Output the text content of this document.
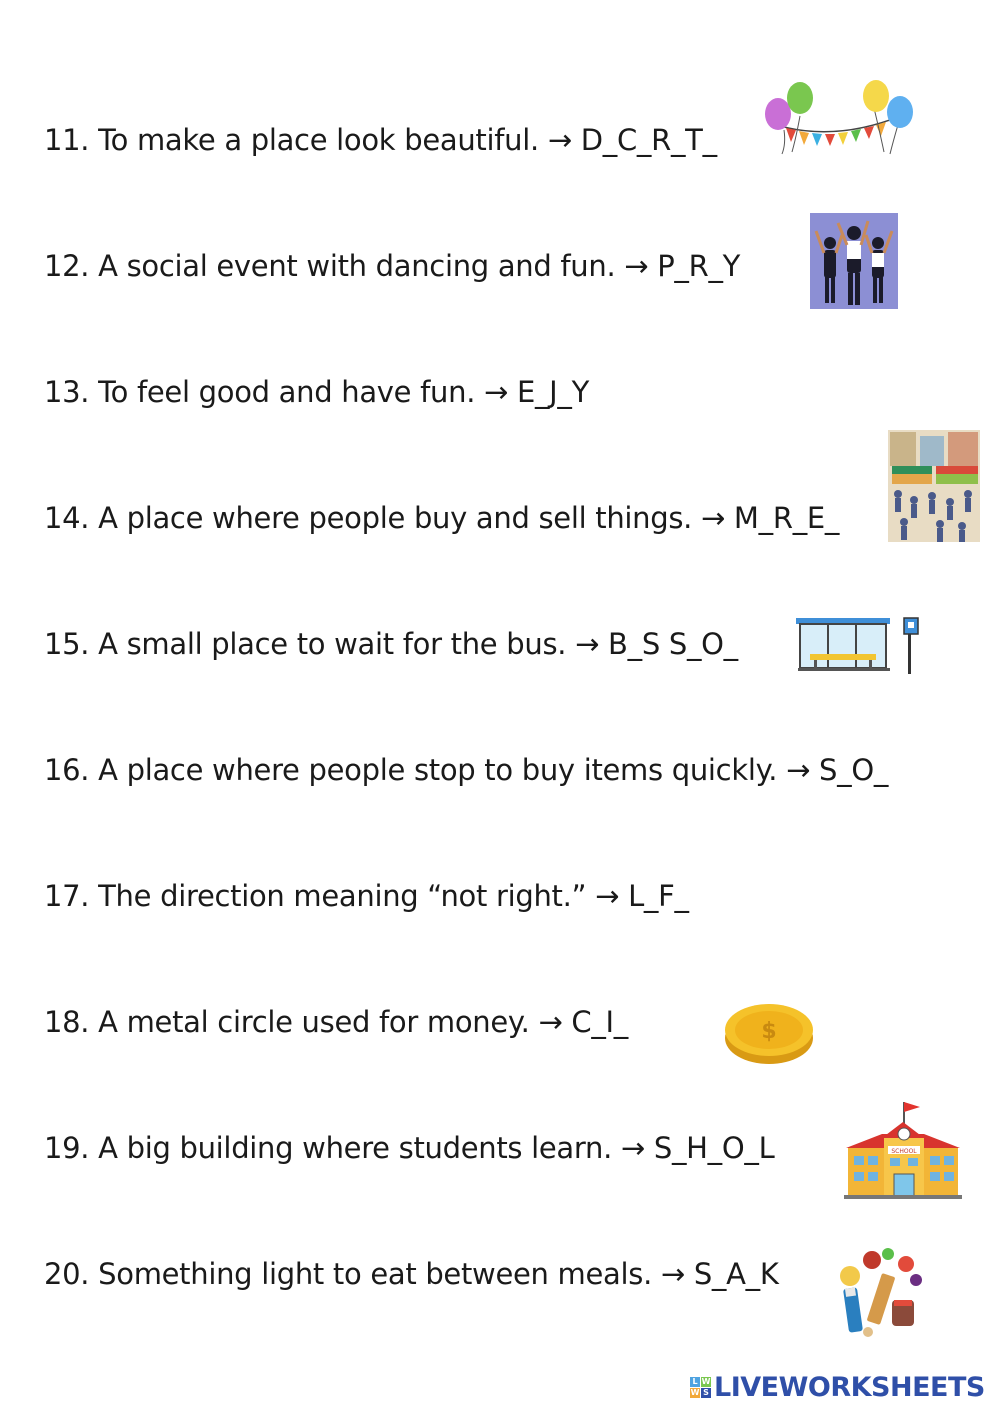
11. To make a place look beautiful. → D_C_R_T_
12. A social event with dancing and fun. → P_R_Y
13. To feel good and have fun. → E_J_Y
14. A place where people buy and sell things. → M_R_E_
15. A small place to wait for the bus. → B_S S_O_
16. A place where people stop to buy items quickly. → S_O_
17. The direction meaning “not right.” → L_F_
18. A metal circle used for money. → C_I_
19. A big building where students learn. → S_H_O_L
20. Something light to eat between meals. → S_A_K
$
SCHOOL
L W
W S LIVEWORKSHEETS
